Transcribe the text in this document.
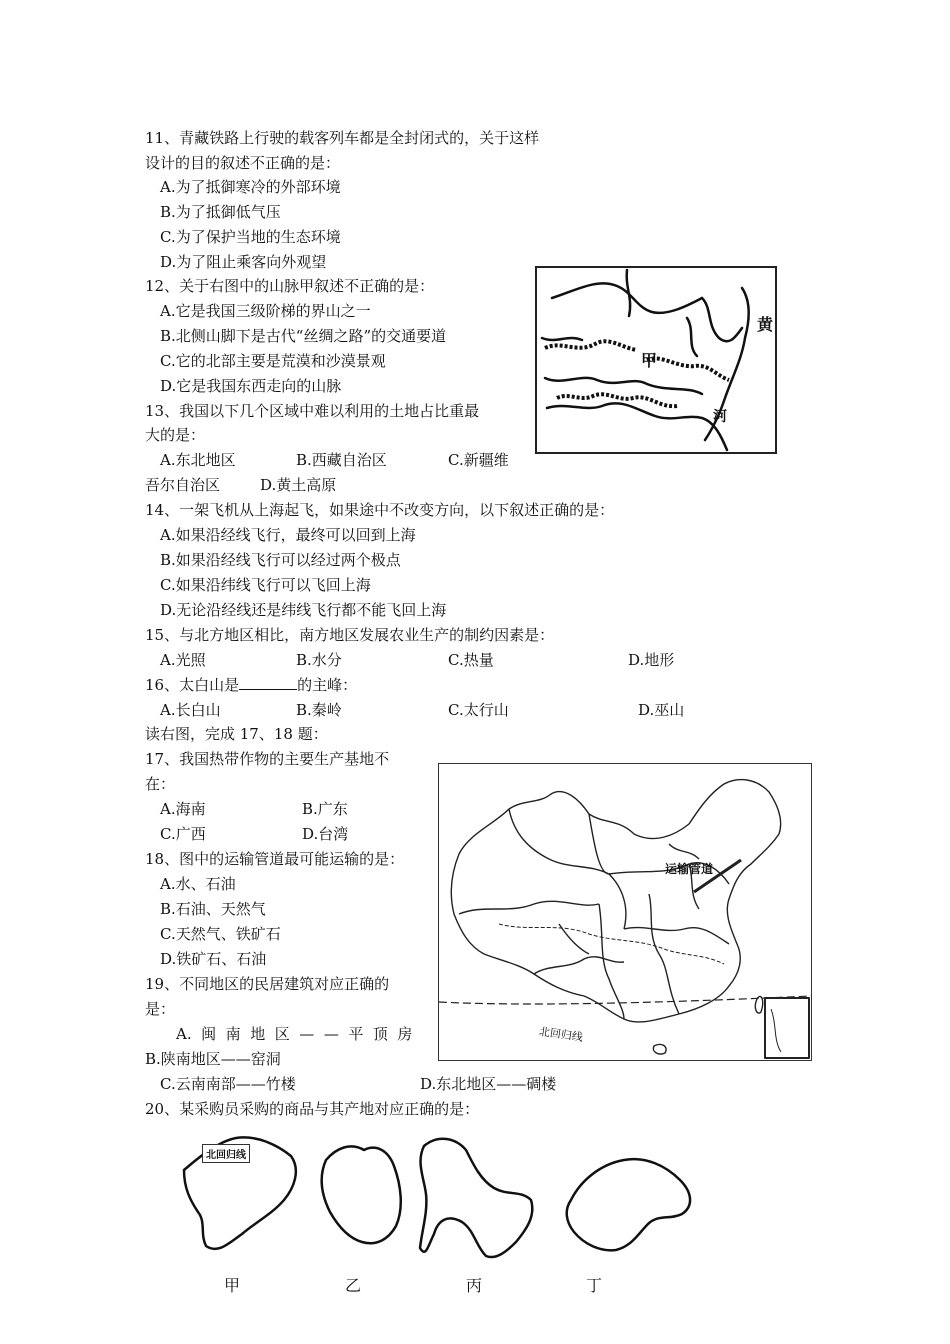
11、青藏铁路上行驶的载客列车都是全封闭式的，关于这样
设计的目的叙述不正确的是：
A.为了抵御寒冷的外部环境
B.为了抵御低气压
C.为了保护当地的生态环境
D.为了阻止乘客向外观望
12、关于右图中的山脉甲叙述不正确的是：
A.它是我国三级阶梯的界山之一
B.北侧山脚下是古代“丝绸之路”的交通要道
C.它的北部主要是荒漠和沙漠景观
D.它是我国东西走向的山脉
甲
黄
河
13、我国以下几个区域中难以利用的土地占比重最
大的是：
A.东北地区	B.西藏自治区	C.新疆维
吾尔自治区	D.黄土高原
14、一架飞机从上海起飞，如果途中不改变方向，以下叙述正确的是：
A.如果沿经线飞行，最终可以回到上海
B.如果沿经线飞行可以经过两个极点
C.如果沿纬线飞行可以飞回上海
D.无论沿经线还是纬线飞行都不能飞回上海
15、与北方地区相比，南方地区发展农业生产的制约因素是：
A.光照	B.水分	C.热量	D.地形
16、太白山是	的主峰：
A.长白山	B.秦岭	C.太行山	D.巫山
读右图，完成 17、18 题：
17、我国热带作物的主要生产基地不
在：
A.海南	B.广东
C.广西	D.台湾
18、图中的运输管道最可能运输的是：
A.水、石油
B.石油、天然气
C.天然气、铁矿石
D.铁矿石、石油
运输管道
北回归线
19、不同地区的民居建筑对应正确的
是：
A.  闽  南  地  区  —  —  平  顶  房
B.陕南地区——窑洞
C.云南南部——竹楼	D.东北地区——碉楼
20、某采购员采购的商品与其产地对应正确的是：
北回归线
甲	乙	丙	丁
